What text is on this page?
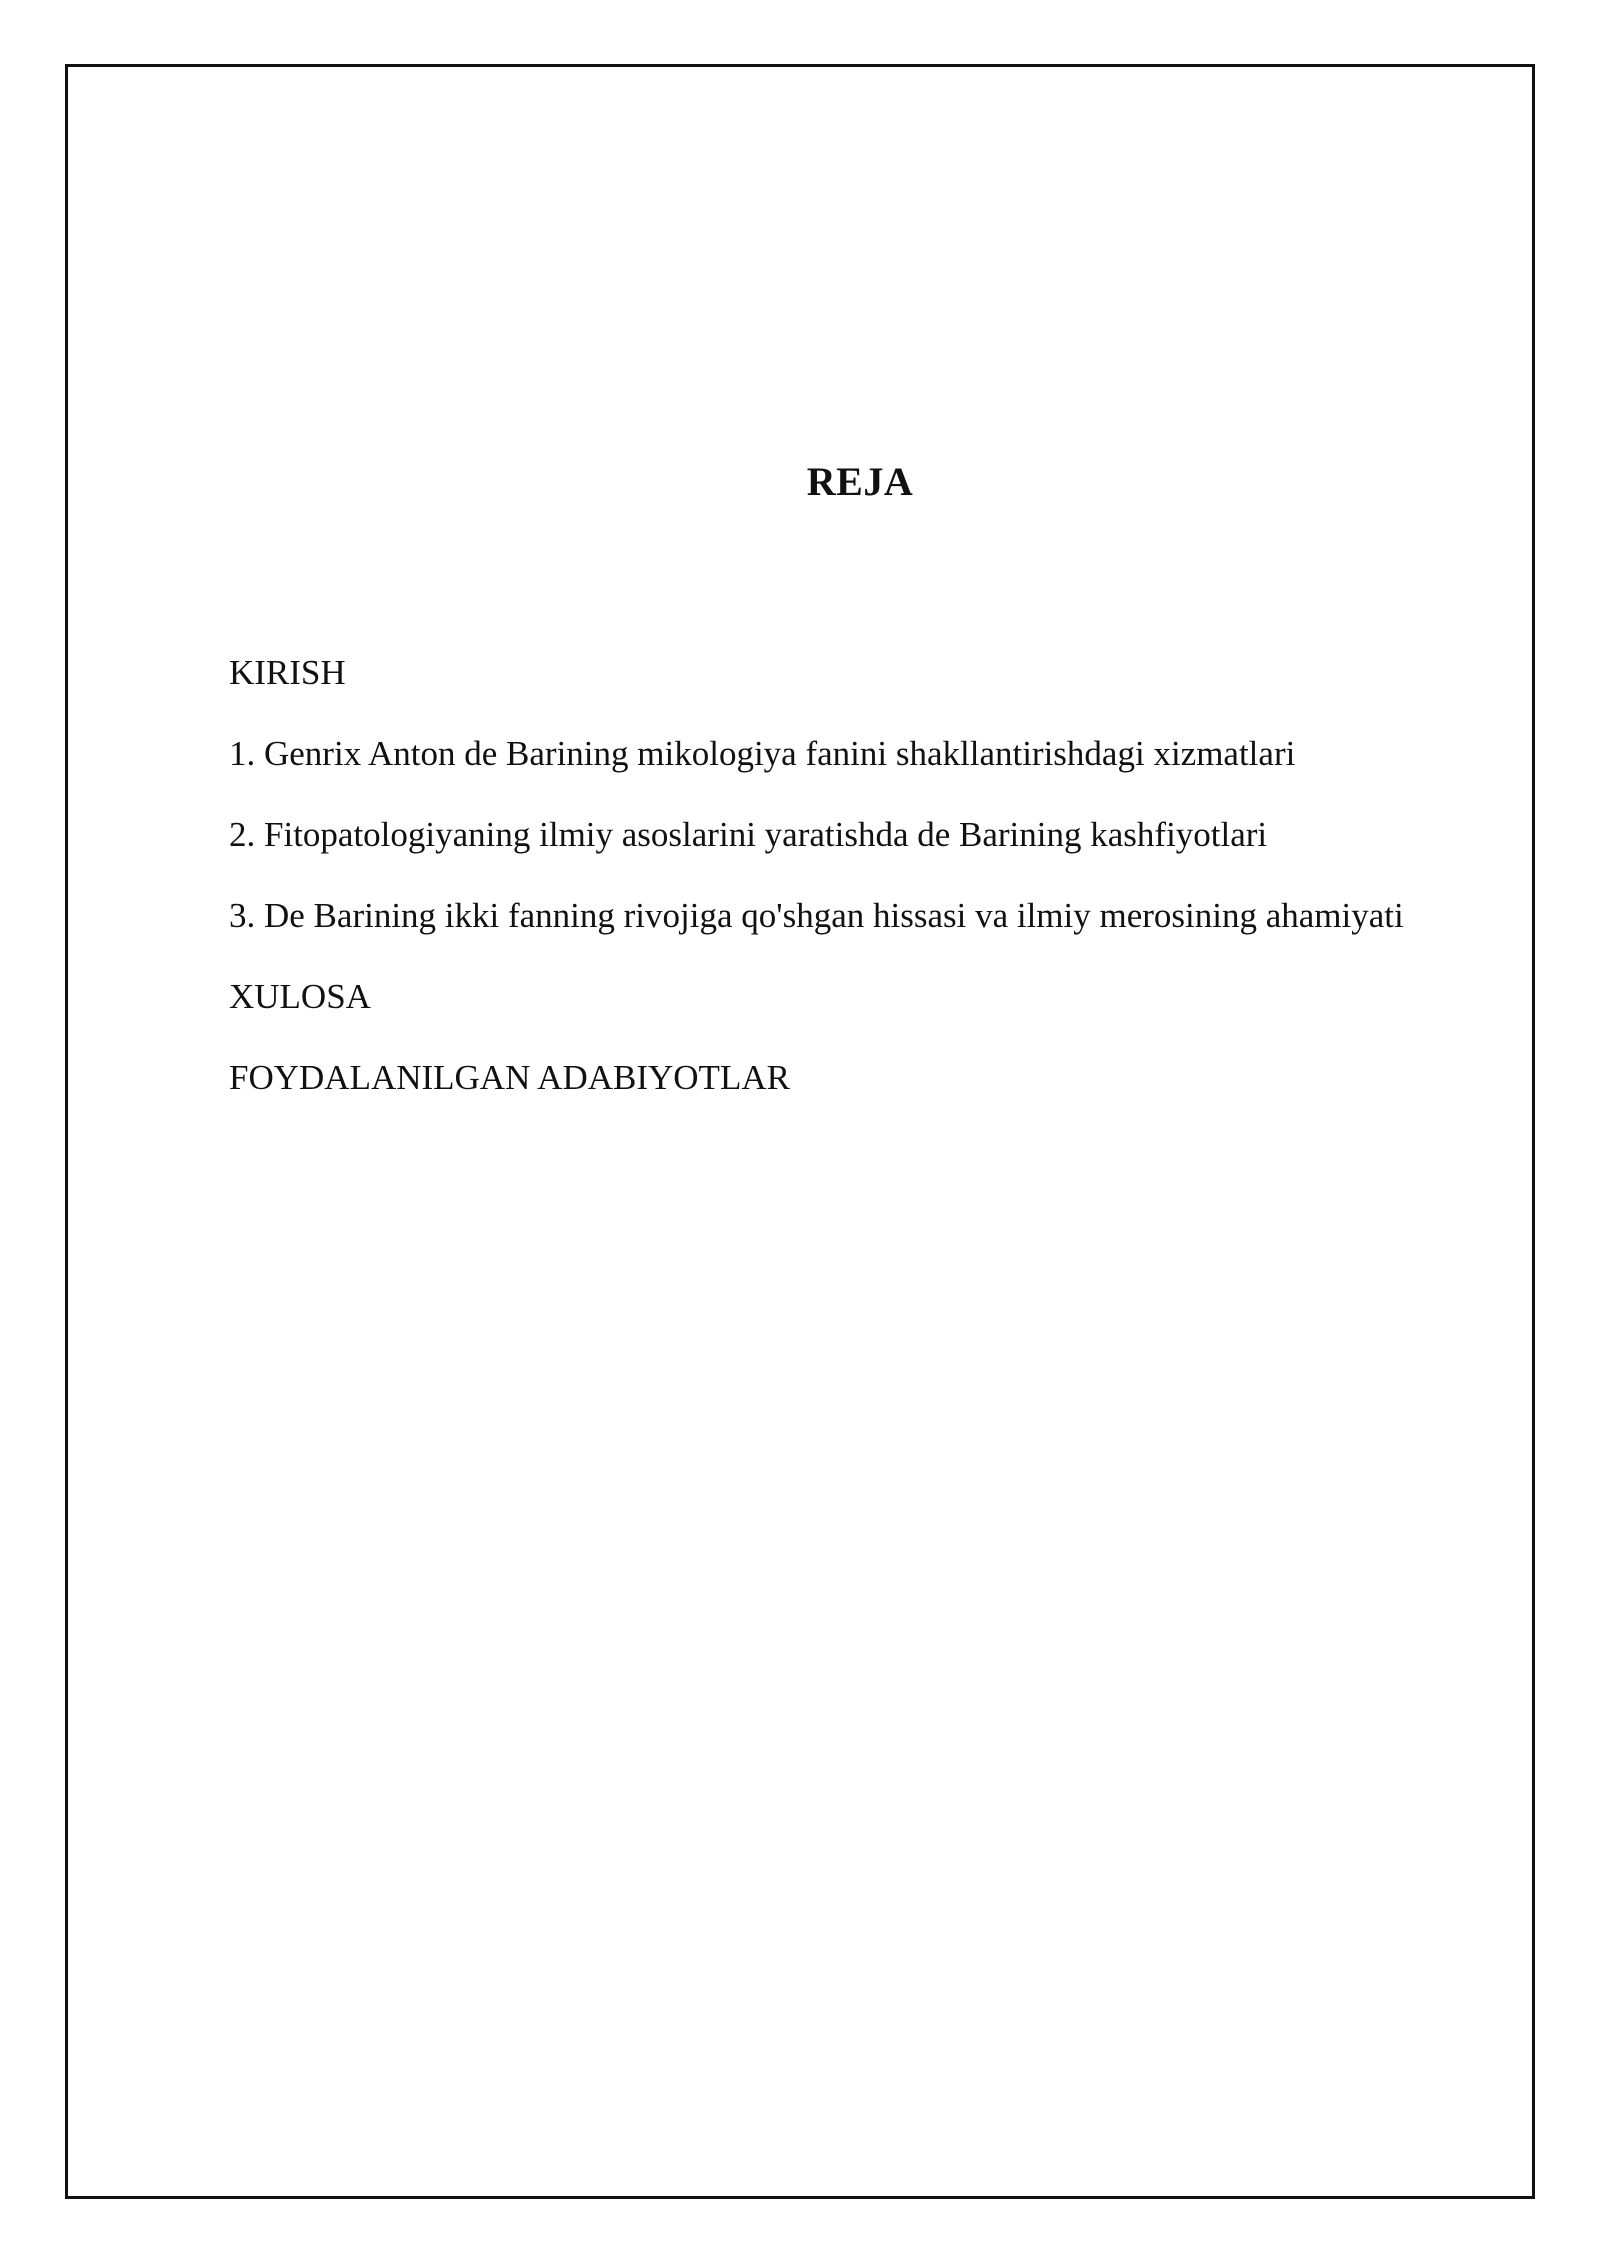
REJA
KIRISH
1. Genrix Anton de Barining mikologiya fanini shakllantirishdagi xizmatlari
2. Fitopatologiyaning ilmiy asoslarini yaratishda de Barining kashfiyotlari
3. De Barining ikki fanning rivojiga qo'shgan hissasi va ilmiy merosining ahamiyati
XULOSA
FOYDALANILGAN ADABIYOTLAR
